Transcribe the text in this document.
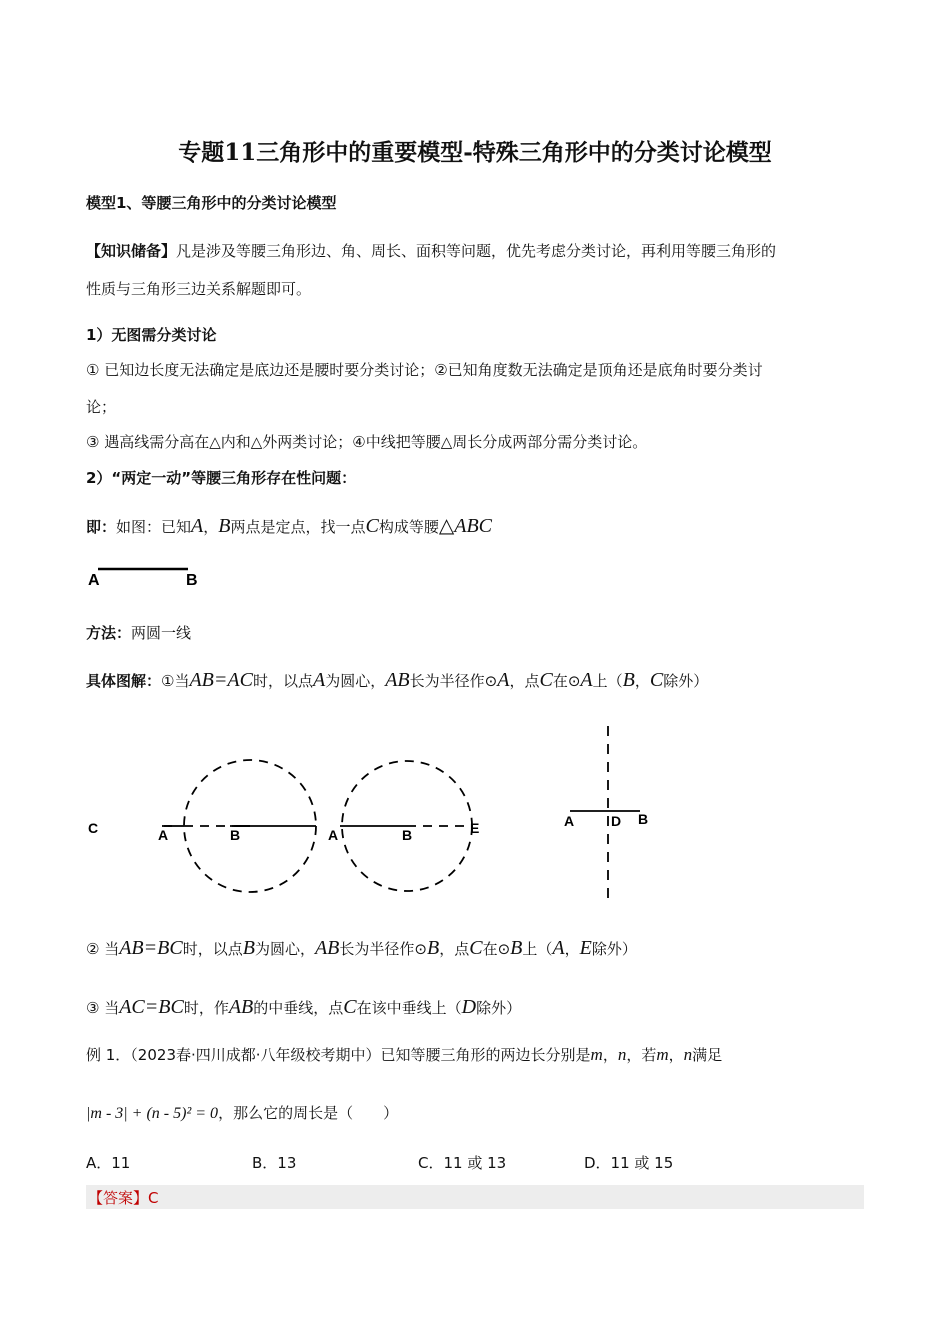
专题11三角形中的重要模型-特殊三角形中的分类讨论模型
模型1、等腰三角形中的分类讨论模型
【知识储备】凡是涉及等腰三角形边、角、周长、面积等问题，优先考虑分类讨论，再利用等腰三角形的
性质与三角形三边关系解题即可。
1）无图需分类讨论
① 已知边长度无法确定是底边还是腰时要分类讨论；②已知角度数无法确定是顶角还是底角时要分类讨
论；
③ 遇高线需分高在△内和△外两类讨论；④中线把等腰△周长分成两部分需分类讨论。
2）“两定一动”等腰三角形存在性问题：
即：如图：已知A，B两点是定点，找一点C构成等腰△ABC
A	B
方法：两圆一线
具体图解：①当AB=AC时，以点A为圆心，AB长为半径作⊙A，点C在⊙A上（B，C除外）
C	A	B	A	B	E	A	D B
② 当AB=BC时，以点B为圆心，AB长为半径作⊙B，点C在⊙B上（A，E除外）
③ 当AC=BC时，作AB的中垂线，点C在该中垂线上（D除外）
例 1．（2023春·四川成都·八年级校考期中）已知等腰三角形的两边长分别是m，n，若m，n满足
|m - 3| + (n - 5)² = 0，那么它的周长是（　　）
A．11	B．13	C．11 或 13	D．11 或 15
【答案】C
